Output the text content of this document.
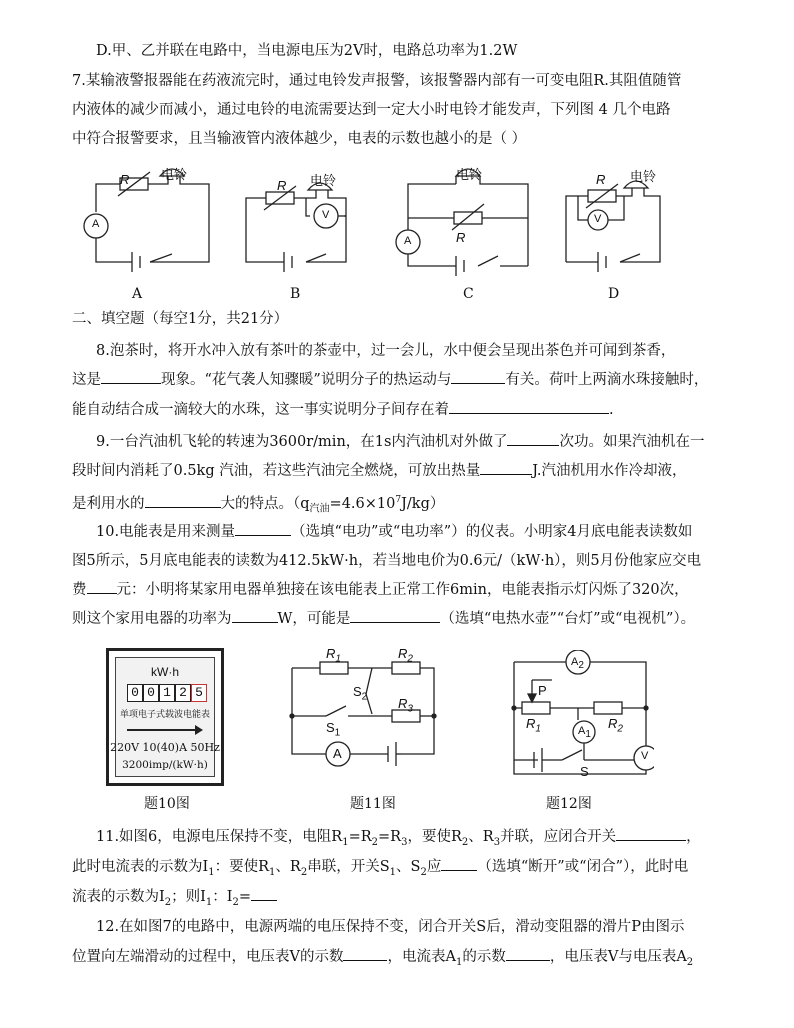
D.甲、乙并联在电路中，当电源电压为2V时，电路总功率为1.2W
7.某输液警报器能在药液流完时，通过电铃发声报警，该报警器内部有一可变电阻R.其阻值随管
内液体的减少而减小，通过电铃的电流需要达到一定大小时电铃才能发声，下列图 4 几个电路
中符合报警要求，且当输液管内液体越少，电表的示数也越小的是（ ）
R 电铃
A
R 电铃
V
电铃
R
A
R 电铃
V
A	B	C	D
二、填空题（每空1分，共21分）
8.泡茶时，将开水冲入放有茶叶的茶壶中，过一会儿，水中便会呈现出茶色并可闻到茶香，
这是	现象。“花气袭人知骤暖”说明分子的热运动与	有关。荷叶上两滴水珠接触时，
能自动结合成一滴较大的水珠，这一事实说明分子间存在着	.
9.一台汽油机飞轮的转速为3600r/min，在1s内汽油机对外做了	次功。如果汽油机在一
段时间内消耗了0.5kg 汽油，若这些汽油完全燃烧，可放出热量	J.汽油机用水作冷却液，
是利用水的	大的特点。$(q_{汽油}=4.6\times 10^7J/kg)$
10.电能表是用来测量	（选填“电功”或“电功率”）的仪表。小明家4月底电能表读数如
图5所示，5月底电能表的读数为412.5kW·h，若当地电价为0.6元/（kW·h），则5月份他家应交电
费 元：小明将某家用电器单独接在该电能表上正常工作6min，电能表指示灯闪烁了320次，
则这个家用电器的功率为	W，可能是	（选填“电热水壶”“台灯”或“电视机”）。
kW·h
0 0 1 2 5
单项电子式载波电能表
220V 10(40)A 50Hz
3200imp/(kW·h)
$R_1$	$R_2$
$S_2$ $R_3$
$S_1$
A
$A_2$
P
$R_1$	$R_2$
$A_1$
S
V
题10图	题11图	题12图
11.如图6，电源电压保持不变，电阻$R_1=R_2=R_3$，要使$R_2$、$R_3$并联，应闭合开关	，
此时电流表的示数为$I_1$：要使$R_1$、$R_2$串联，开关$S_1$、$S_2$应 （选填“断开”或“闭合”），此时电
流表的示数为$I_2$；则$I_1$：$I_2=$
12.在如图7的电路中，电源两端的电压保持不变，闭合开关S后，滑动变阻器的滑片P由图示
位置向左端滑动的过程中，电压表V的示数	，电流表$A_1$的示数	，电压表V与电压表$A_2$
